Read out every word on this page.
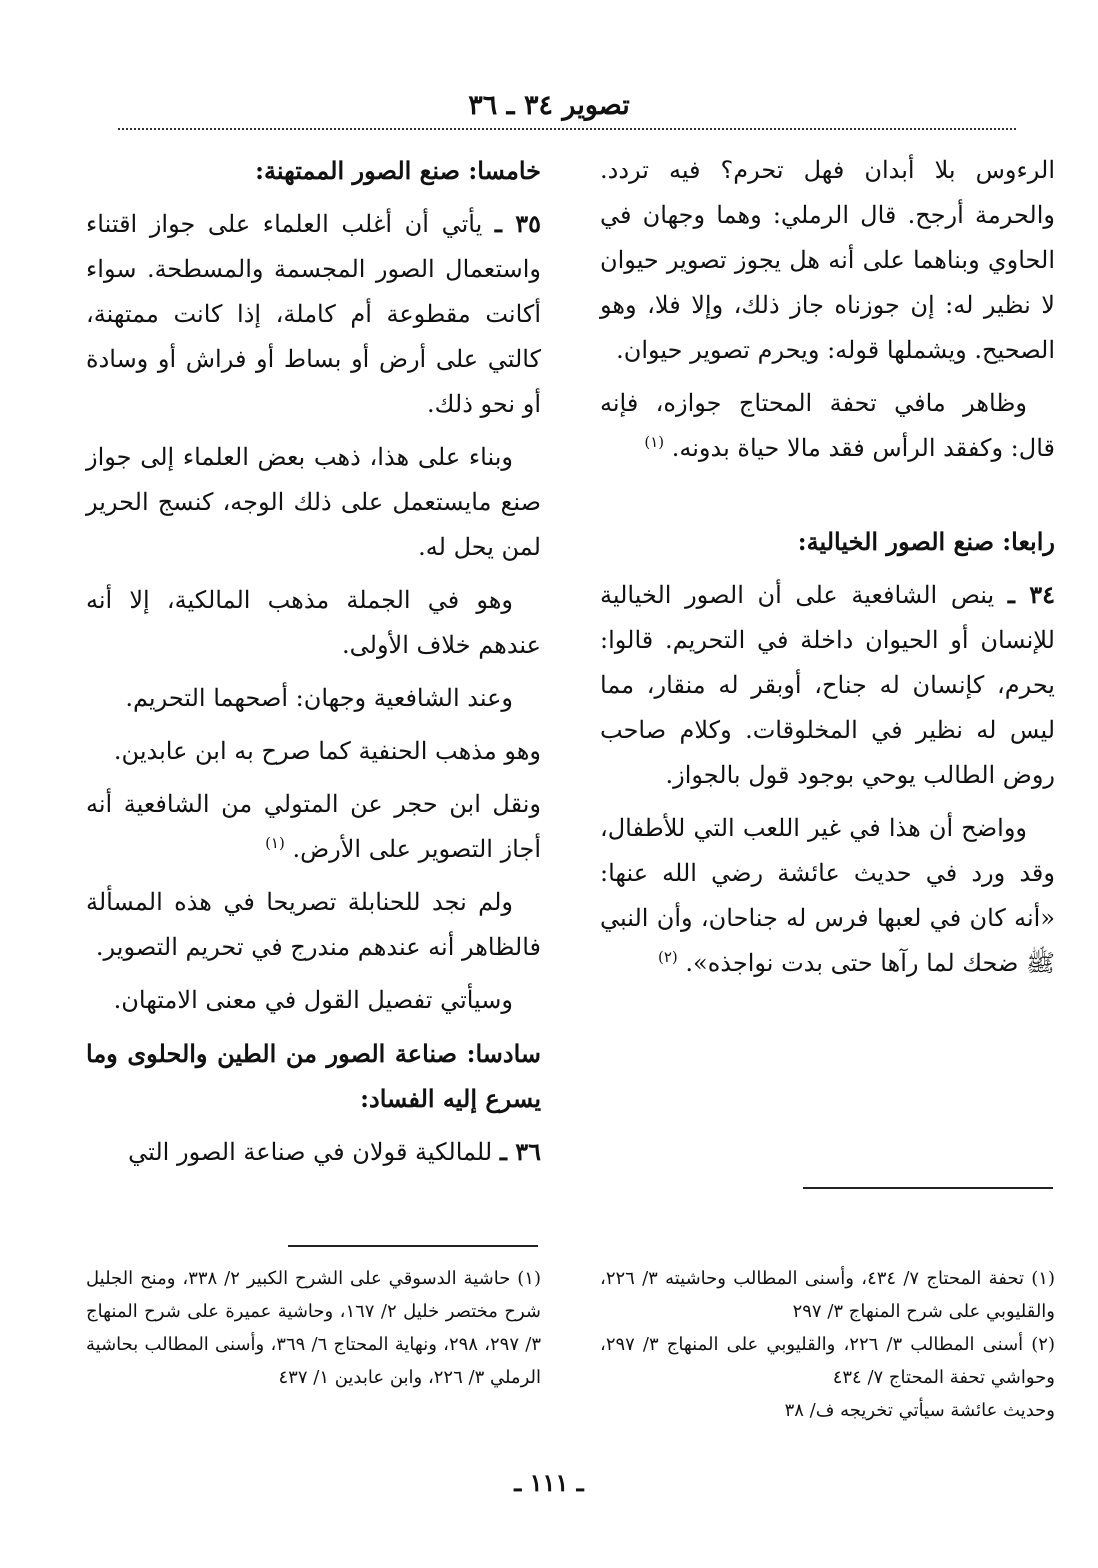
تصوير ٣٤ ـ ٣٦

الرءوس بلا أبدان فهل تحرم؟ فيه تردد. والحرمة أرجح. قال الرملي: وهما وجهان في الحاوي وبناهما على أنه هل يجوز تصوير حيوان لا نظير له: إن جوزناه جاز ذلك، وإلا فلا، وهو الصحيح. ويشملها قوله: ويحرم تصوير حيوان.

وظاهر مافي تحفة المحتاج جوازه، فإنه قال: وكفقد الرأس فقد مالا حياة بدونه. $^{(١)}$

رابعا: صنع الصور الخيالية:

٣٤ ـ ينص الشافعية على أن الصور الخيالية للإنسان أو الحيوان داخلة في التحريم. قالوا: يحرم، كإنسان له جناح، أوبقر له منقار، مما ليس له نظير في المخلوقات. وكلام صاحب روض الطالب يوحي بوجود قول بالجواز.

وواضح أن هذا في غير اللعب التي للأطفال، وقد ورد في حديث عائشة رضي الله عنها: «أنه كان في لعبها فرس له جناحان، وأن النبي ﷺ ضحك لما رآها حتى بدت نواجذه». $^{(٢)}$

خامسا: صنع الصور الممتهنة:

٣٥ ـ يأتي أن أغلب العلماء على جواز اقتناء واستعمال الصور المجسمة والمسطحة. سواء أكانت مقطوعة أم كاملة، إذا كانت ممتهنة، كالتي على أرض أو بساط أو فراش أو وسادة أو نحو ذلك.

وبناء على هذا، ذهب بعض العلماء إلى جواز صنع مايستعمل على ذلك الوجه، كنسج الحرير لمن يحل له.

وهو في الجملة مذهب المالكية، إلا أنه عندهم خلاف الأولى.

وعند الشافعية وجهان: أصحهما التحريم.

وهو مذهب الحنفية كما صرح به ابن عابدين.

ونقل ابن حجر عن المتولي من الشافعية أنه أجاز التصوير على الأرض. $^{(١)}$

ولم نجد للحنابلة تصريحا في هذه المسألة فالظاهر أنه عندهم مندرج في تحريم التصوير.

وسيأتي تفصيل القول في معنى الامتهان.

سادسا: صناعة الصور من الطين والحلوى وما يسرع إليه الفساد:

٣٦ ـ للمالكية قولان في صناعة الصور التي

(١) تحفة المحتاج ٧/ ٤٣٤، وأسنى المطالب وحاشيته ٣/ ٢٢٦، والقليوبي على شرح المنهاج ٣/ ٢٩٧

(٢) أسنى المطالب ٣/ ٢٢٦، والقليوبي على المنهاج ٣/ ٢٩٧، وحواشي تحفة المحتاج ٧/ ٤٣٤

وحديث عائشة سيأتي تخريجه ف/ ٣٨

(١) حاشية الدسوقي على الشرح الكبير ٢/ ٣٣٨، ومنح الجليل شرح مختصر خليل ٢/ ١٦٧، وحاشية عميرة على شرح المنهاج ٣/ ٢٩٧، ٢٩٨، ونهاية المحتاج ٦/ ٣٦٩، وأسنى المطالب بحاشية الرملي ٣/ ٢٢٦، وابن عابدين ١/ ٤٣٧

ـ ١١١ ـ
